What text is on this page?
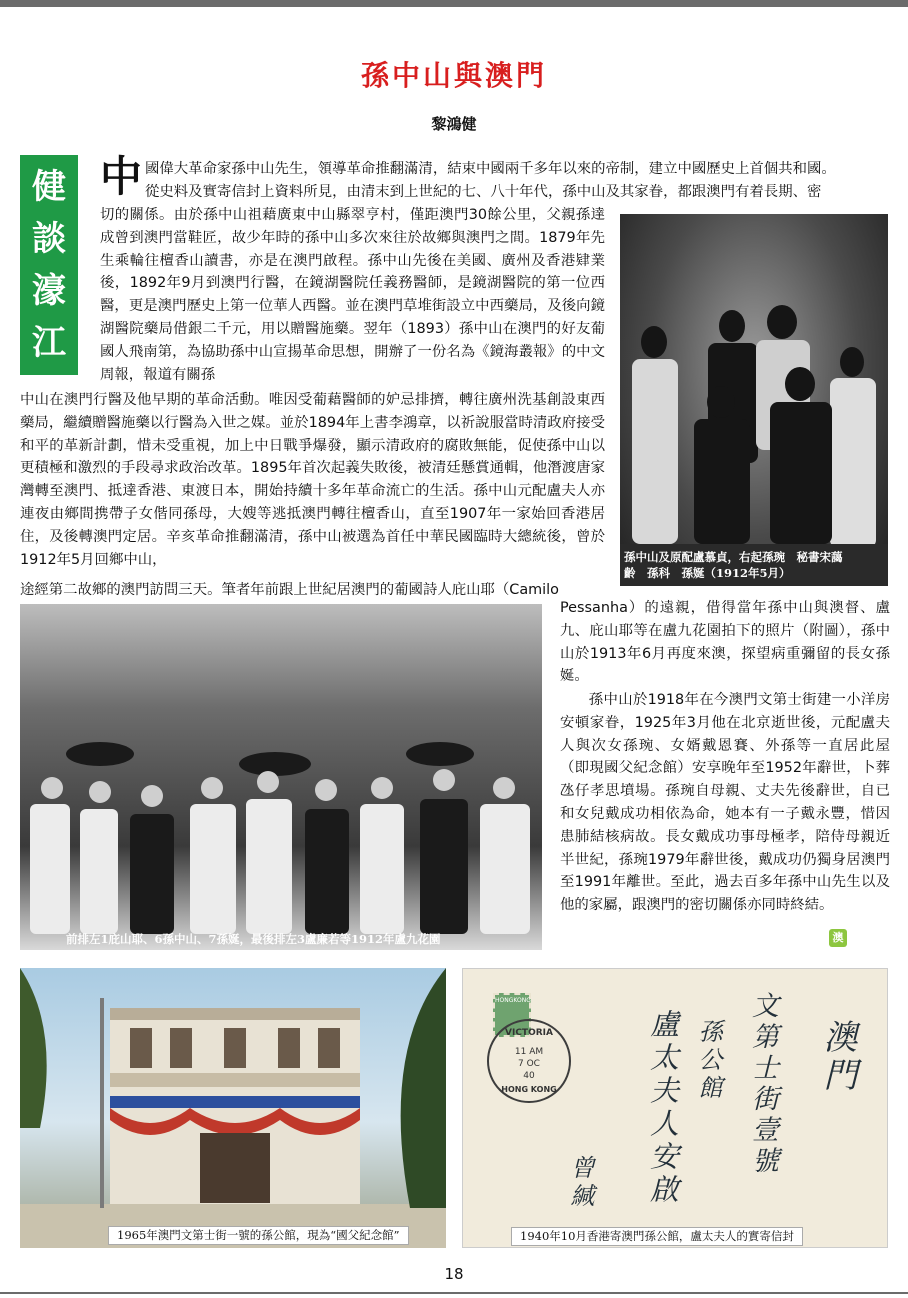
孫中山與澳門
黎鴻健
健
談
濠
江
中 國偉大革命家孫中山先生，領導革命推翻滿清，結束中國兩千多年以來的帝制，建立中國歷史上首個共和國。

從史料及實寄信封上資料所見，由清末到上世紀的七、八十年代，孫中山及其家眷，都跟澳門有着長期、密

切的關係。由於孫中山祖藉廣東中山縣翠亨村，僅距澳門30餘公里，父親孫達成曾到澳門當鞋匠，故少年時的孫中山多次來往於故鄉與澳門之間。1879年先生乘輪往檀香山讀書，亦是在澳門啟程。孫中山先後在美國、廣州及香港肄業後，1892年9月到澳門行醫，在鏡湖醫院任義務醫師，是鏡湖醫院的第一位西醫，更是澳門歷史上第一位華人西醫。並在澳門草堆街設立中西藥局，及後向鏡湖醫院藥局借銀二千元，用以贈醫施藥。翌年（1893）孫中山在澳門的好友葡國人飛南第，為協助孫中山宣揚革命思想，開辦了一份名為《鏡海叢報》的中文周報，報道有關孫

中山在澳門行醫及他早期的革命活動。唯因受葡藉醫師的妒忌排擠，轉往廣州洗基創設東西藥局，繼續贈醫施藥以行醫為入世之媒。並於1894年上書李鴻章，以祈說服當時清政府接受和平的革新計劃，惜未受重視，加上中日戰爭爆發，顯示清政府的腐敗無能，促使孫中山以更積極和激烈的手段尋求政治改革。1895年首次起義失敗後，被清廷懸賞通輯，他潛渡唐家灣轉至澳門、抵達香港、東渡日本，開始持續十多年革命流亡的生活。孫中山元配盧夫人亦連夜由鄉間携帶子女偕同孫母，大嫂等逃抵澳門轉往檀香山，直至1907年一家始回香港居住，及後轉澳門定居。辛亥革命推翻滿清，孫中山被選為首任中華民國臨時大總統後，曾於1912年5月回鄉中山，

途經第二故鄉的澳門訪問三天。筆者年前跟上世紀居澳門的葡國詩人庇山耶（Camilo

孫中山及原配盧慕貞，右起孫琬　秘書宋藹
齡　孫科　孫娫（1912年5月）
前排左1庇山耶、6孫中山、7孫娫，最後排左3盧廉若等1912年盧九花園

Pessanha）的遠親，借得當年孫中山與澳督、盧九、庇山耶等在盧九花園拍下的照片（附圖），孫中山於1913年6月再度來澳，探望病重彌留的長女孫娫。

孫中山於1918年在今澳門文第士街建一小洋房安頓家眷，1925年3月他在北京逝世後，元配盧夫人與次女孫琬、女婿戴恩賽、外孫等一直居此屋（即現國父紀念館）安享晚年至1952年辭世，卜葬氹仔孝思墳場。孫琬自母親、丈夫先後辭世，自已和女兒戴成功相依為命，她本有一子戴永豐，惜因患肺結核病故。長女戴成功事母極孝，陪侍母親近半世紀，孫琬1979年辭世後，戴成功仍獨身居澳門至1991年離世。至此，過去百多年孫中山先生以及他的家屬，跟澳門的密切關係亦同時終結。

澳
1965年澳門文第士街一號的孫公館，現為“國父紀念館”
HONGKONG
VICTORIA
11 AM
7 OC
40
HONG KONG	澳門
文第士街壹號
孫公館
盧太夫人安啟
曾緘
1940年10月香港寄澳門孫公館，盧太夫人的實寄信封
18
